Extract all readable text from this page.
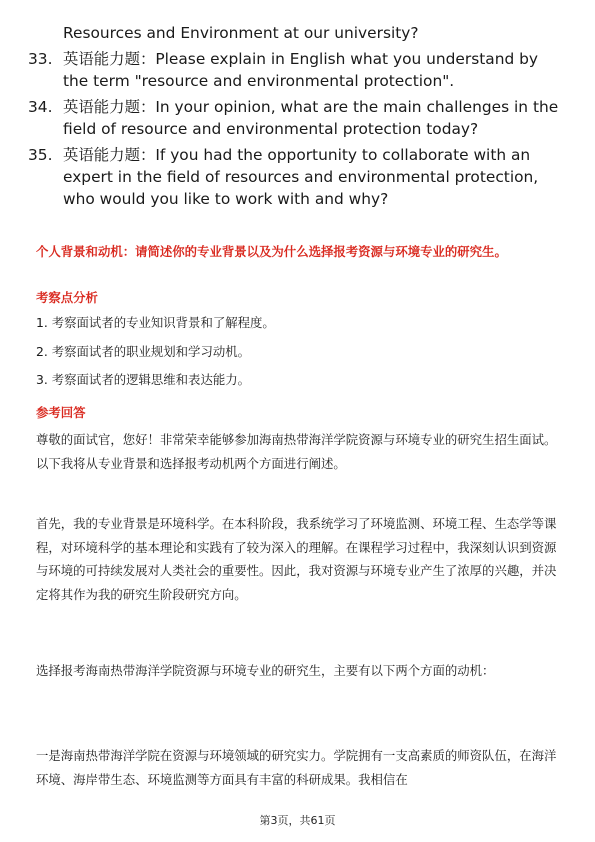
Resources and Environment at our university?
33. 英语能力题：Please explain in English what you understand by the term "resource and environmental protection".
34. 英语能力题：In your opinion, what are the main challenges in the field of resource and environmental protection today?
35. 英语能力题：If you had the opportunity to collaborate with an expert in the field of resources and environmental protection, who would you like to work with and why?
个人背景和动机：请简述你的专业背景以及为什么选择报考资源与环境专业的研究生。
考察点分析
1. 考察面试者的专业知识背景和了解程度。
2. 考察面试者的职业规划和学习动机。
3. 考察面试者的逻辑思维和表达能力。
参考回答
尊敬的面试官，您好！非常荣幸能够参加海南热带海洋学院资源与环境专业的研究生招生面试。以下我将从专业背景和选择报考动机两个方面进行阐述。
首先，我的专业背景是环境科学。在本科阶段，我系统学习了环境监测、环境工程、生态学等课程，对环境科学的基本理论和实践有了较为深入的理解。在课程学习过程中，我深刻认识到资源与环境的可持续发展对人类社会的重要性。因此，我对资源与环境专业产生了浓厚的兴趣，并决定将其作为我的研究生阶段研究方向。
选择报考海南热带海洋学院资源与环境专业的研究生，主要有以下两个方面的动机：
一是海南热带海洋学院在资源与环境领域的研究实力。学院拥有一支高素质的师资队伍，在海洋环境、海岸带生态、环境监测等方面具有丰富的科研成果。我相信在
第3页，共61页
